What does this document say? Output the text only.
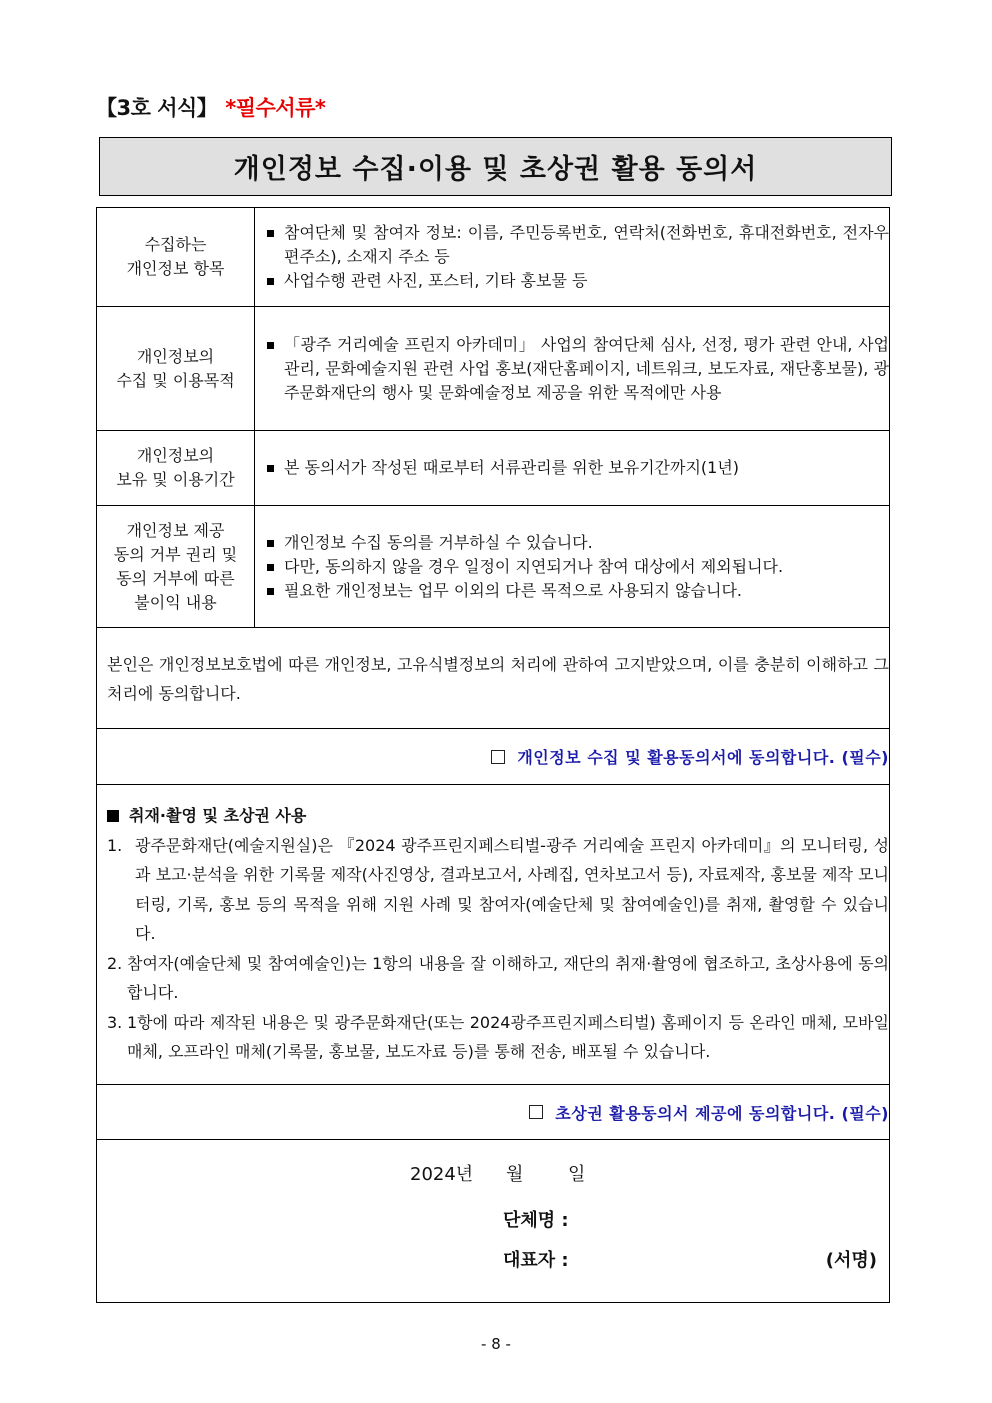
【3호 서식】 *필수서류*
개인정보 수집·이용 및 초상권 활용 동의서
수집하는
개인정보 항목
참여단체 및 참여자 정보: 이름, 주민등록번호, 연락처(전화번호, 휴대전화번호, 전자우편주소), 소재지 주소 등
사업수행 관련 사진, 포스터, 기타 홍보물 등
개인정보의
수집 및 이용목적
「광주 거리예술 프린지 아카데미」 사업의 참여단체 심사, 선정, 평가 관련 안내, 사업 관리, 문화예술지원 관련 사업 홍보(재단홈페이지, 네트워크, 보도자료, 재단홍보물), 광주문화재단의 행사 및 문화예술정보 제공을 위한 목적에만 사용
개인정보의
보유 및 이용기간
본 동의서가 작성된 때로부터 서류관리를 위한 보유기간까지(1년)
개인정보 제공
동의 거부 권리 및
동의 거부에 따른
불이익 내용
개인정보 수집 동의를 거부하실 수 있습니다.
다만, 동의하지 않을 경우 일정이 지연되거나 참여 대상에서 제외됩니다.
필요한 개인정보는 업무 이외의 다른 목적으로 사용되지 않습니다.
본인은 개인정보보호법에 따른 개인정보, 고유식별정보의 처리에 관하여 고지받았으며, 이를 충분히 이해하고 그 처리에 동의합니다.
개인정보 수집 및 활용동의서에 동의합니다. (필수)
취재·촬영 및 초상권 사용
1. 광주문화재단(예술지원실)은 『2024 광주프린지페스티벌-광주 거리예술 프린지 아카데미』의 모니터링, 성과 보고·분석을 위한 기록물 제작(사진영상, 결과보고서, 사례집, 연차보고서 등), 자료제작, 홍보물 제작 모니터링, 기록, 홍보 등의 목적을 위해 지원 사례 및 참여자(예술단체 및 참여예술인)를 취재, 촬영할 수 있습니다.
2. 참여자(예술단체 및 참여예술인)는 1항의 내용을 잘 이해하고, 재단의 취재·촬영에 협조하고, 초상사용에 동의합니다.
3. 1항에 따라 제작된 내용은 및 광주문화재단(또는 2024광주프린지페스티벌) 홈페이지 등 온라인 매체, 모바일 매체, 오프라인 매체(기록물, 홍보물, 보도자료 등)를 통해 전송, 배포될 수 있습니다.
초상권 활용동의서 제공에 동의합니다. (필수)
2024년 월 일
단체명 :
대표자 :	(서명)
- 8 -
